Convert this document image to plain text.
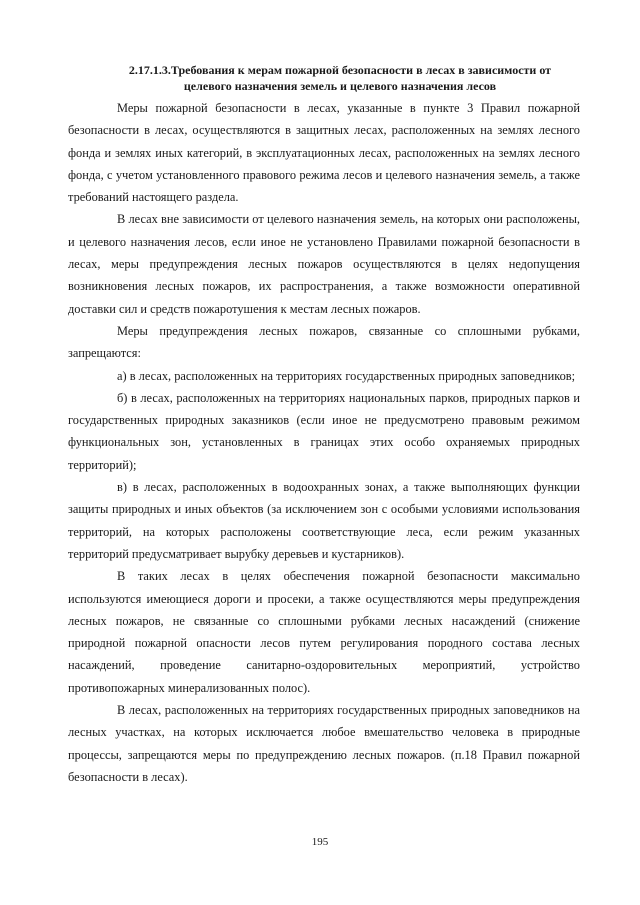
2.17.1.3.Требования к мерам пожарной безопасности в лесах в зависимости от
целевого назначения земель и целевого назначения лесов

Меры пожарной безопасности в лесах, указанные в пункте 3 Правил пожарной безопасности в лесах, осуществляются в защитных лесах, расположенных на землях лесного фонда и землях иных категорий, в эксплуатационных лесах, расположенных на землях лесного фонда, с учетом установленного правового режима лесов и целевого назначения земель, а также требований настоящего раздела.

В лесах вне зависимости от целевого назначения земель, на которых они расположены, и целевого назначения лесов, если иное не установлено Правилами пожарной безопасности в лесах, меры предупреждения лесных пожаров осуществляются в целях недопущения возникновения лесных пожаров, их распространения, а также возможности оперативной доставки сил и средств пожаротушения к местам лесных пожаров.

Меры предупреждения лесных пожаров, связанные со сплошными рубками, запрещаются:

а) в лесах, расположенных на территориях государственных природных заповедников;

б) в лесах, расположенных на территориях национальных парков, природных парков и государственных природных заказников (если иное не предусмотрено правовым режимом функциональных зон, установленных в границах этих особо охраняемых природных территорий);

в) в лесах, расположенных в водоохранных зонах, а также выполняющих функции защиты природных и иных объектов (за исключением зон с особыми условиями использования территорий, на которых расположены соответствующие леса, если режим указанных территорий предусматривает вырубку деревьев и кустарников).

В таких лесах в целях обеспечения пожарной безопасности максимально используются имеющиеся дороги и просеки, а также осуществляются меры предупреждения лесных пожаров, не связанные со сплошными рубками лесных насаждений (снижение природной пожарной опасности лесов путем регулирования породного состава лесных насаждений, проведение санитарно-оздоровительных мероприятий, устройство противопожарных минерализованных полос).

В лесах, расположенных на территориях государственных природных заповедников на лесных участках, на которых исключается любое вмешательство человека в природные процессы, запрещаются меры по предупреждению лесных пожаров. (п.18 Правил пожарной безопасности в лесах).

195
